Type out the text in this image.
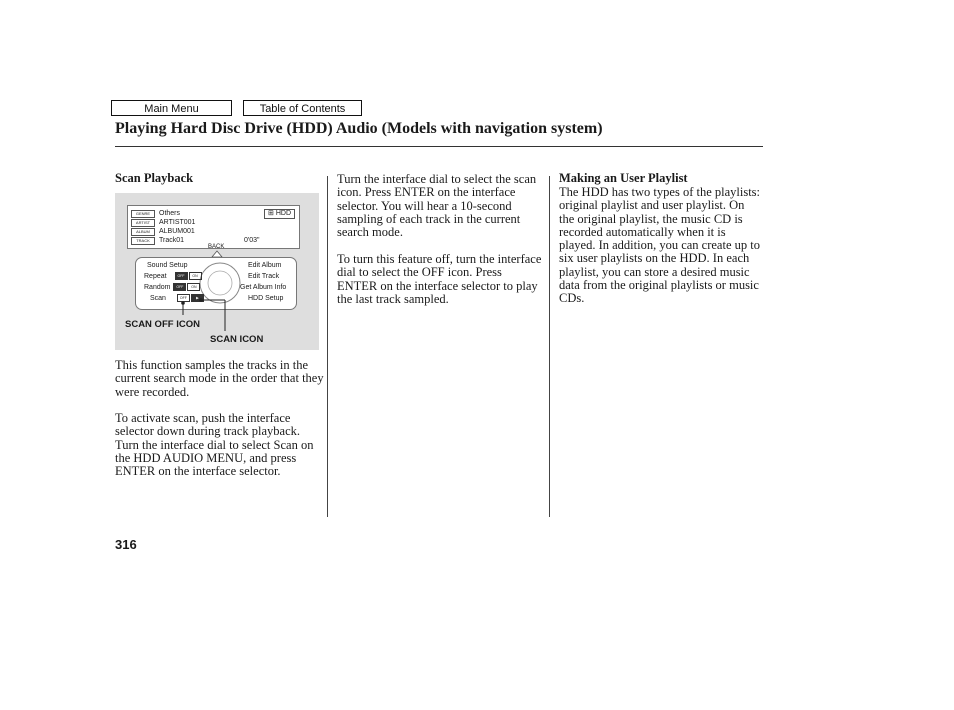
Main Menu	Table of Contents
Playing Hard Disc Drive (HDD) Audio (Models with navigation system)
Scan Playback
GENRE Others
ARTIST ARTIST001
ALBUM ALBUM001
TRACK Track01
⊞ HDD
0'03"
BACK
Sound Setup
Repeat	OFF ON
Random OFF ON
Scan	OFF	▶
Edit Album
Edit Track
Get Album Info
HDD Setup
SCAN OFF ICON
SCAN ICON

This function samples the tracks in the current search mode in the order that they were recorded.

To activate scan, push the interface selector down during track playback. Turn the interface dial to select Scan on the HDD AUDIO MENU, and press ENTER on the interface selector.

Turn the interface dial to select the scan icon. Press ENTER on the interface selector. You will hear a 10-second sampling of each track in the current search mode.

To turn this feature off, turn the interface dial to select the OFF icon. Press ENTER on the interface selector to play the last track sampled.

Making an User Playlist

The HDD has two types of the playlists: original playlist and user playlist. On the original playlist, the music CD is recorded automatically when it is played. In addition, you can create up to six user playlists on the HDD. In each playlist, you can store a desired music data from the original playlists or music CDs.

316
